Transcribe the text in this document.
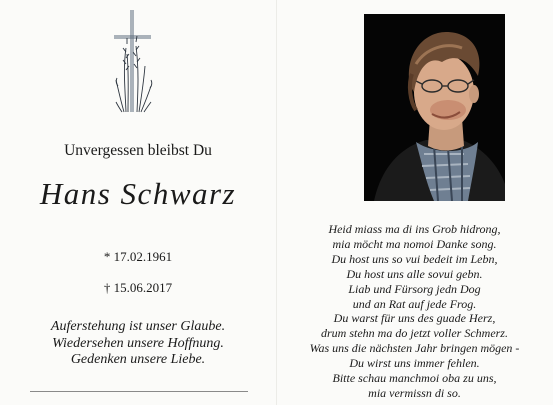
Unvergessen bleibst Du
Hans Schwarz
* 17.02.1961
† 15.06.2017
Auferstehung ist unser Glaube.
Wiedersehen unsere Hoffnung.
Gedenken unsere Liebe.
Heid miass ma di ins Grob hidrong,
mia möcht ma nomoi Danke song.
Du host uns so vui bedeit im Lebn,
Du host uns alle sovui gebn.
Liab und Fürsorg jedn Dog
und an Rat auf jede Frog.
Du warst für uns des guade Herz,
drum stehn ma do jetzt voller Schmerz.
Was uns die nächsten Jahr bringen mögen -
Du wirst uns immer fehlen.
Bitte schau manchmoi oba zu uns,
mia vermissn di so.
